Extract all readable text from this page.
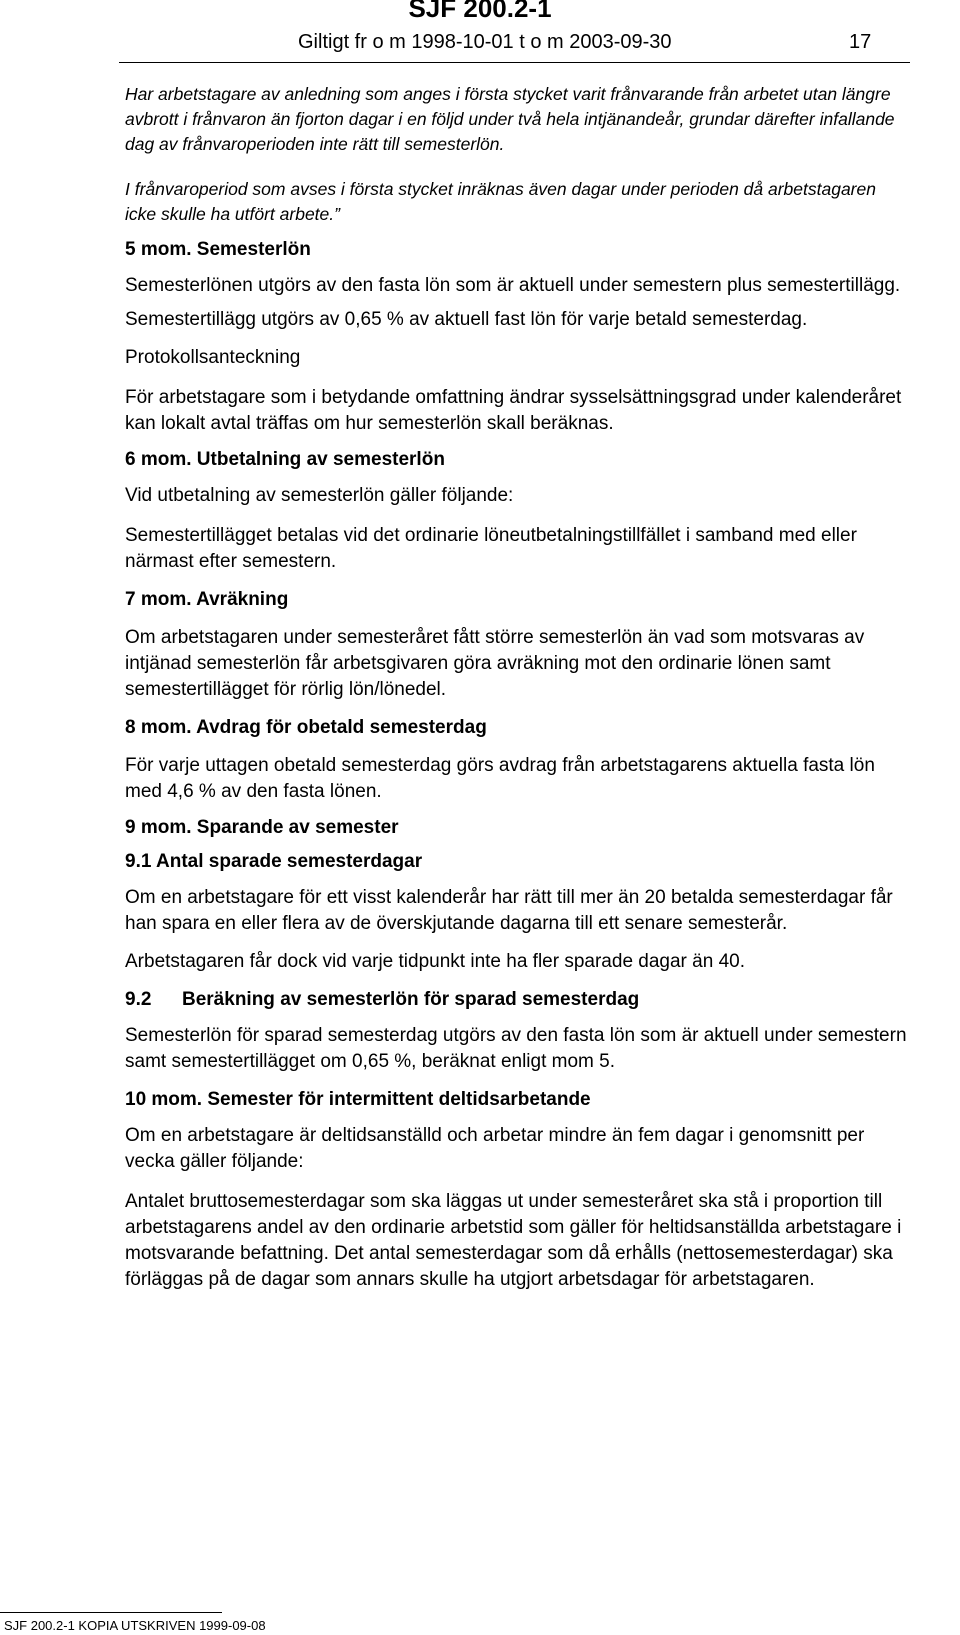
SJF 200.2-1
Giltigt fr o m 1998-10-01 t o m 2003-09-30	17

Har arbetstagare av anledning som anges i första stycket varit frånvarande från arbetet utan längre avbrott i frånvaron än fjorton dagar i en följd under två hela intjänandeår, grundar därefter infallande dag av frånvaroperioden inte rätt till semesterlön.

I frånvaroperiod som avses i första stycket inräknas även dagar under perioden då arbetstagaren icke skulle ha utfört arbete.”

5 mom. Semesterlön

Semesterlönen utgörs av den fasta lön som är aktuell under semestern plus semestertillägg.

Semestertillägg utgörs av 0,65 % av aktuell fast lön för varje betald semesterdag.

Protokollsanteckning

För arbetstagare som i betydande omfattning ändrar sysselsättningsgrad under kalenderåret kan lokalt avtal träffas om hur semesterlön skall beräknas.

6 mom. Utbetalning av semesterlön

Vid utbetalning av semesterlön gäller följande:

Semestertillägget betalas vid det ordinarie löneutbetalningstillfället i samband med eller närmast efter semestern.

7 mom. Avräkning

Om arbetstagaren under semesteråret fått större semesterlön än vad som motsvaras av intjänad semesterlön får arbetsgivaren göra avräkning mot den ordinarie lönen samt semestertillägget för rörlig lön/lönedel.

8 mom. Avdrag för obetald semesterdag

För varje uttagen obetald semesterdag görs avdrag från arbetstagarens aktuella fasta lön med 4,6 % av den fasta lönen.

9 mom. Sparande av semester

9.1 Antal sparade semesterdagar

Om en arbetstagare för ett visst kalenderår har rätt till mer än 20 betalda semesterdagar får han spara en eller flera av de överskjutande dagarna till ett senare semesterår.

Arbetstagaren får dock vid varje tidpunkt inte ha fler sparade dagar än 40.

9.2 Beräkning av semesterlön för sparad semesterdag

Semesterlön för sparad semesterdag utgörs av den fasta lön som är aktuell under semestern samt semestertillägget om 0,65 %, beräknat enligt mom 5.

10 mom. Semester för intermittent deltidsarbetande

Om en arbetstagare är deltidsanställd och arbetar mindre än fem dagar i genomsnitt per vecka gäller följande:

Antalet bruttosemesterdagar som ska läggas ut under semesteråret ska stå i proportion till arbetstagarens andel av den ordinarie arbetstid som gäller för heltidsanställda arbetstagare i motsvarande befattning. Det antal semesterdagar som då erhålls (nettosemesterdagar) ska förläggas på de dagar som annars skulle ha utgjort arbetsdagar för arbetstagaren.

SJF 200.2-1 KOPIA UTSKRIVEN 1999-09-08
